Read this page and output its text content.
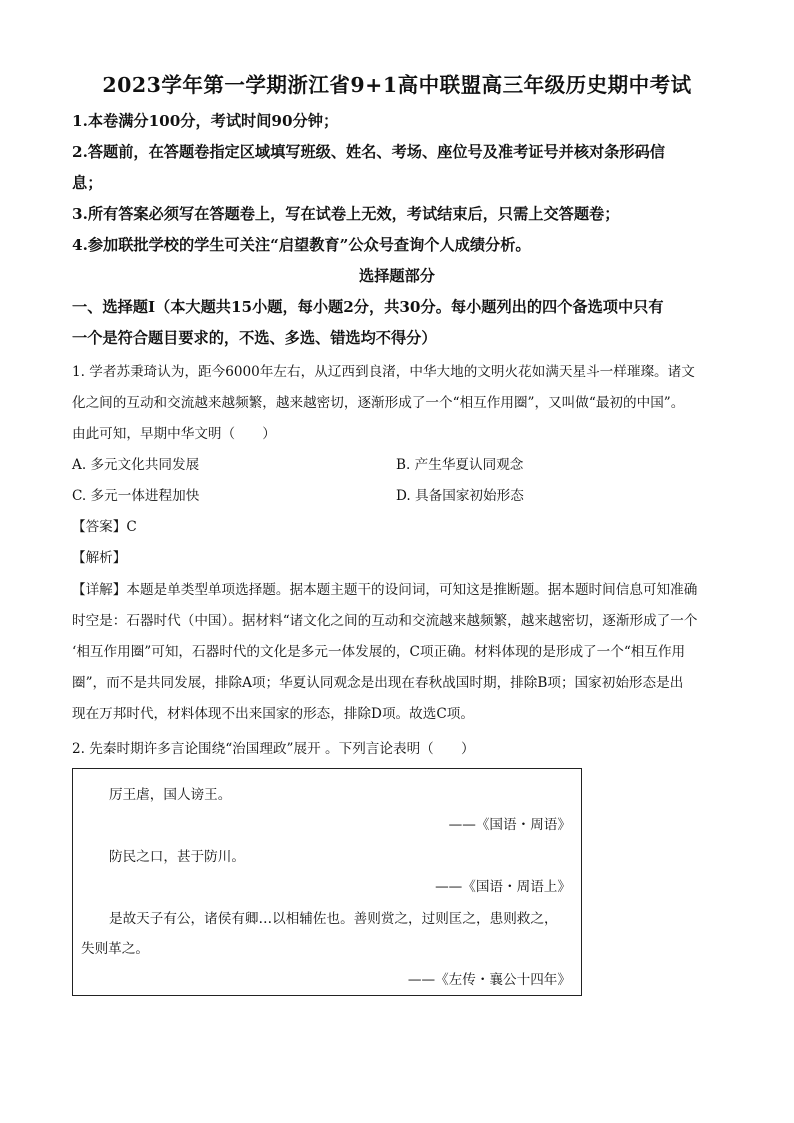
2023学年第一学期浙江省9+1高中联盟高三年级历史期中考试
1.本卷满分100分，考试时间90分钟；
2.答题前，在答题卷指定区域填写班级、姓名、考场、座位号及准考证号并核对条形码信
息；
3.所有答案必须写在答题卷上，写在试卷上无效，考试结束后，只需上交答题卷；
4.参加联批学校的学生可关注“启望教育”公众号查询个人成绩分析。
选择题部分
一、选择题Ⅰ（本大题共15小题，每小题2分，共30分。每小题列出的四个备选项中只有
一个是符合题目要求的，不选、多选、错选均不得分）
1. 学者苏秉琦认为，距今6000年左右，从辽西到良渚，中华大地的文明火花如满天星斗一样璀璨。诸文
化之间的互动和交流越来越频繁，越来越密切，逐渐形成了一个“相互作用圈”，又叫做“最初的中国”。
由此可知，早期中华文明（　　）
A. 多元文化共同发展	B. 产生华夏认同观念
C. 多元一体进程加快	D. 具备国家初始形态
【答案】C
【解析】
【详解】本题是单类型单项选择题。据本题主题干的设问词，可知这是推断题。据本题时间信息可知准确
时空是：石器时代（中国）。据材料“诸文化之间的互动和交流越来越频繁，越来越密切，逐渐形成了一个
‘相互作用圈”可知，石器时代的文化是多元一体发展的，C项正确。材料体现的是形成了一个“相互作用
圈”，而不是共同发展，排除A项；华夏认同观念是出现在春秋战国时期，排除B项；国家初始形态是出
现在万邦时代，材料体现不出来国家的形态，排除D项。故选C项。
2. 先秦时期许多言论围绕“治国理政”展开 。下列言论表明（　　）
厉王虐，国人谤王。
——《国语・周语》
防民之口，甚于防川。
——《国语・周语上》
是故天子有公，诸侯有卿…以相辅佐也。善则赏之，过则匡之，患则救之，
失则革之。
——《左传・襄公十四年》
